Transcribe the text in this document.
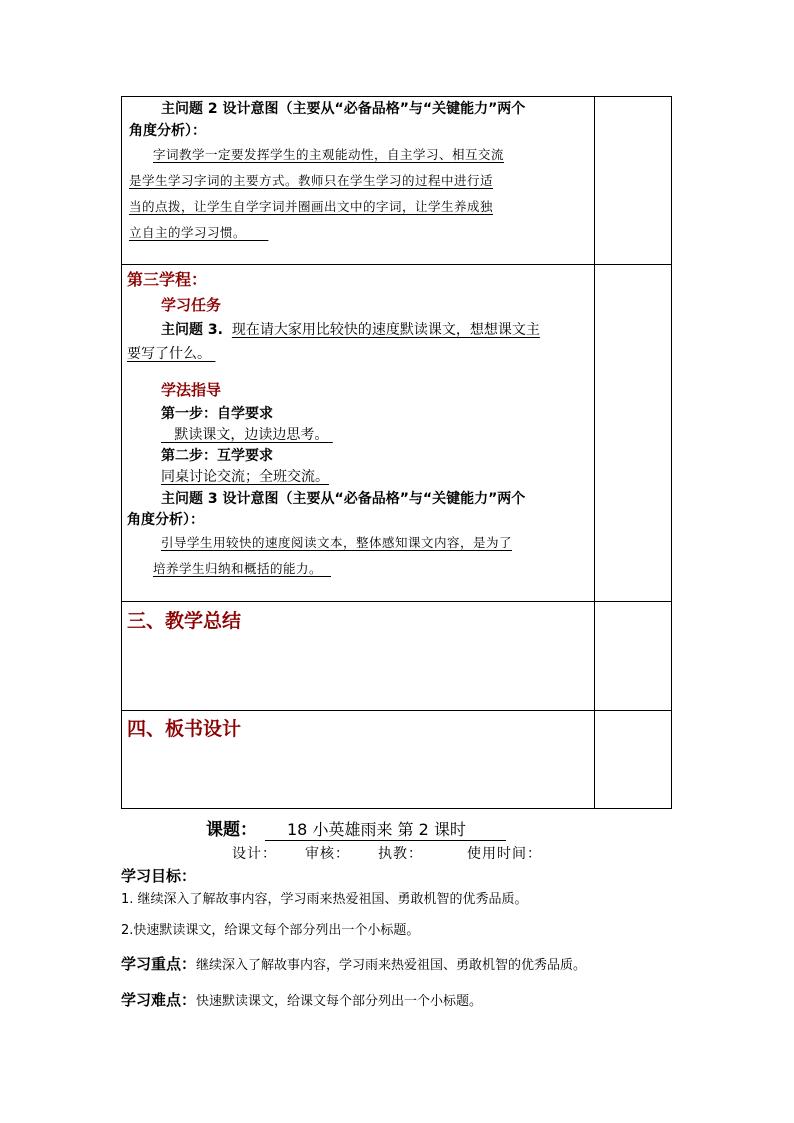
主问题 2 设计意图（主要从“必备品格”与“关键能力”两个

角度分析）：

字词教学一定要发挥学生的主观能动性，自主学习、相互交流
是学生学习字词的主要方式。教师只在学生学习的过程中进行适
当的点拨，让学生自学字词并圈画出文中的字词，让学生养成独
立自主的学习习惯。
第三学程：
学习任务
主问题 3. 现在请大家用比较快的速度默读课文，想想课文主
要写了什么。
学法指导
第一步：自学要求
默读课文，边读边思考。
第二步：互学要求
同桌讨论交流；全班交流。
主问题 3 设计意图（主要从“必备品格”与“关键能力”两个
角度分析）：
引导学生用较快的速度阅读文本，整体感知课文内容，是为了
培养学生归纳和概括的能力。
三、教学总结
四、板书设计
课题： 18 小英雄雨来 第 2 课时
设计： 审核： 执教：	使用时间：
学习目标：
1. 继续深入了解故事内容，学习雨来热爱祖国、勇敢机智的优秀品质。
2.快速默读课文，给课文每个部分列出一个小标题。
学习重点：继续深入了解故事内容，学习雨来热爱祖国、勇敢机智的优秀品质。
学习难点：快速默读课文，给课文每个部分列出一个小标题。
